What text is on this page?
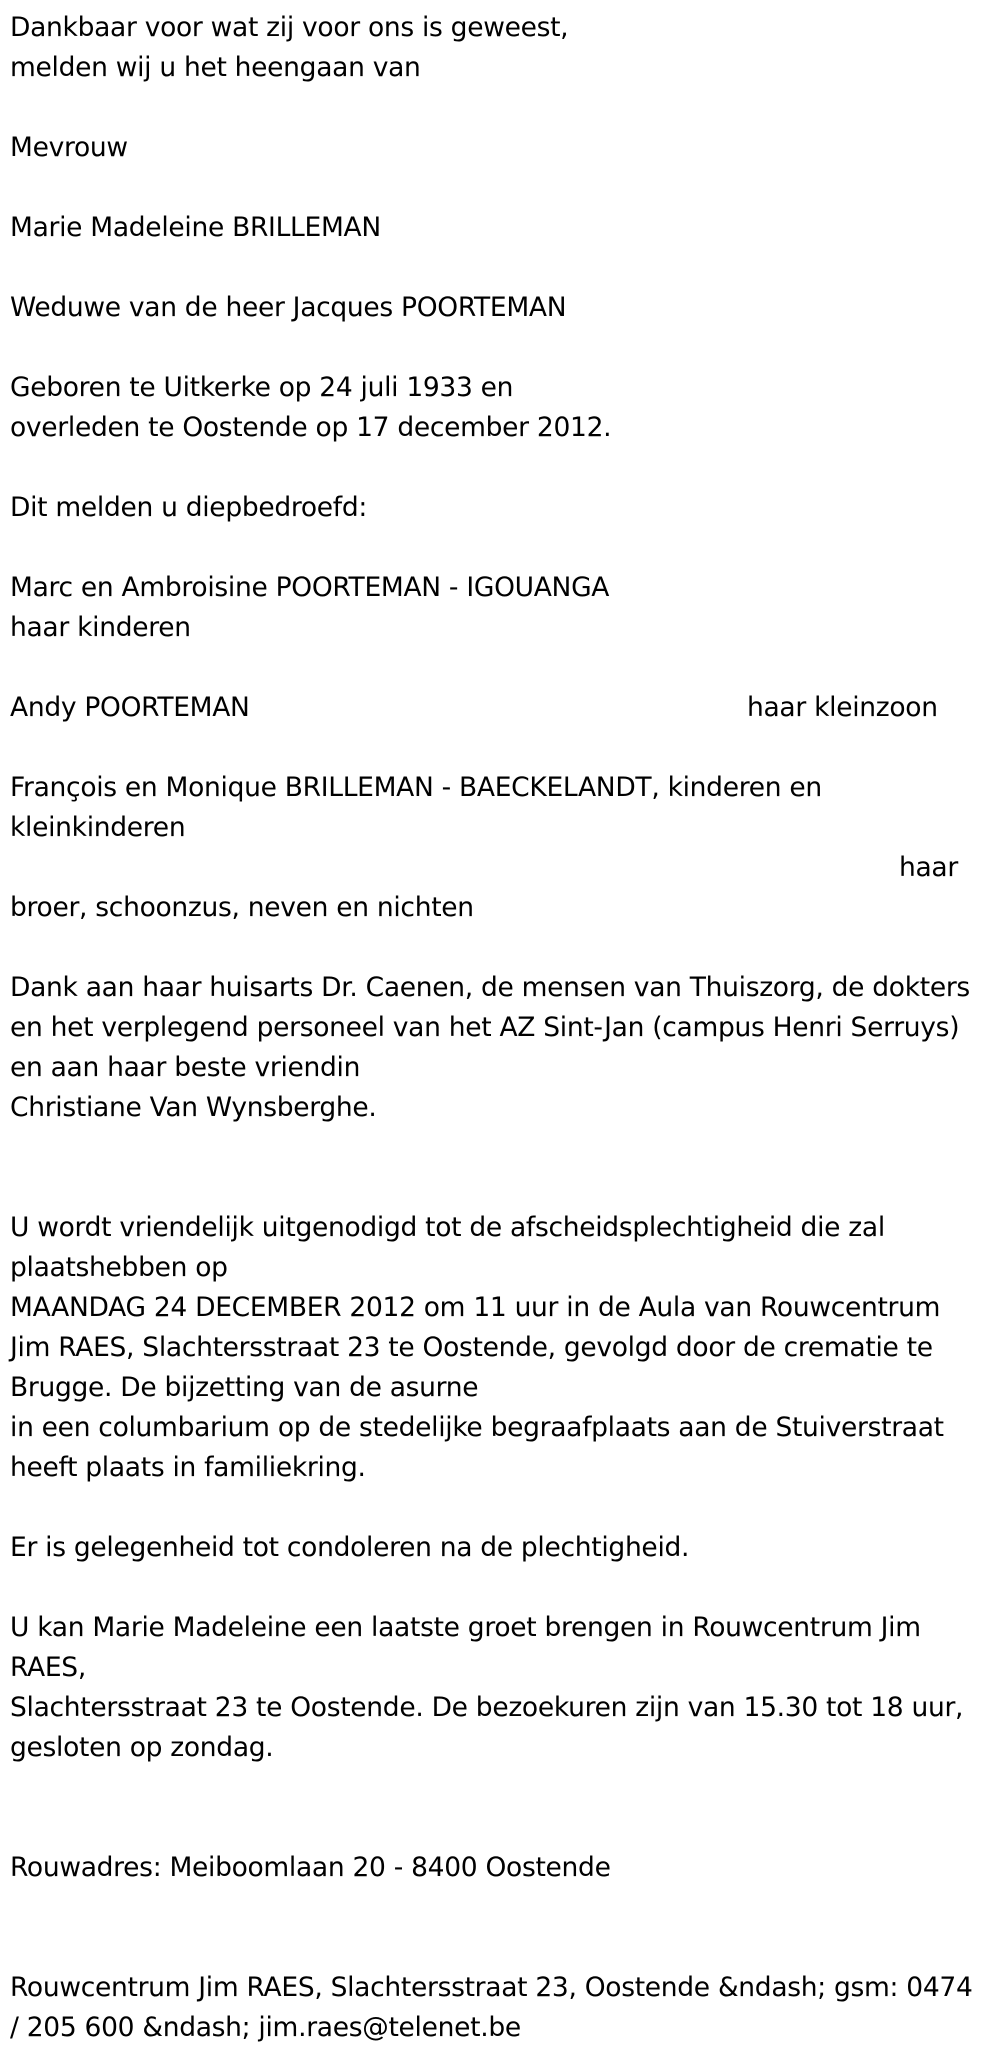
Dankbaar voor wat zij voor ons is geweest,
melden wij u het heengaan van
Mevrouw
Marie Madeleine BRILLEMAN
Weduwe van de heer Jacques POORTEMAN
Geboren te Uitkerke op 24 juli 1933 en
overleden te Oostende op 17 december 2012.
Dit melden u diepbedroefd:
Marc en Ambroisine POORTEMAN - IGOUANGA
haar kinderen
Andy POORTEMAN	haar kleinzoon
François en Monique BRILLEMAN - BAECKELANDT, kinderen en
kleinkinderen
haar
broer, schoonzus, neven en nichten
Dank aan haar huisarts Dr. Caenen, de mensen van Thuiszorg, de dokters
en het verplegend personeel van het AZ Sint-Jan (campus Henri Serruys)
en aan haar beste vriendin
Christiane Van Wynsberghe.
U wordt vriendelijk uitgenodigd tot de afscheidsplechtigheid die zal
plaatshebben op
MAANDAG 24 DECEMBER 2012 om 11 uur in de Aula van Rouwcentrum
Jim RAES, Slachtersstraat 23 te Oostende, gevolgd door de crematie te
Brugge. De bijzetting van de asurne
in een columbarium op de stedelijke begraafplaats aan de Stuiverstraat
heeft plaats in familiekring.
Er is gelegenheid tot condoleren na de plechtigheid.
U kan Marie Madeleine een laatste groet brengen in Rouwcentrum Jim
RAES,
Slachtersstraat 23 te Oostende. De bezoekuren zijn van 15.30 tot 18 uur,
gesloten op zondag.
Rouwadres: Meiboomlaan 20 - 8400 Oostende
Rouwcentrum Jim RAES, Slachtersstraat 23, Oostende &ndash; gsm: 0474
/ 205 600 &ndash; jim.raes@telenet.be
